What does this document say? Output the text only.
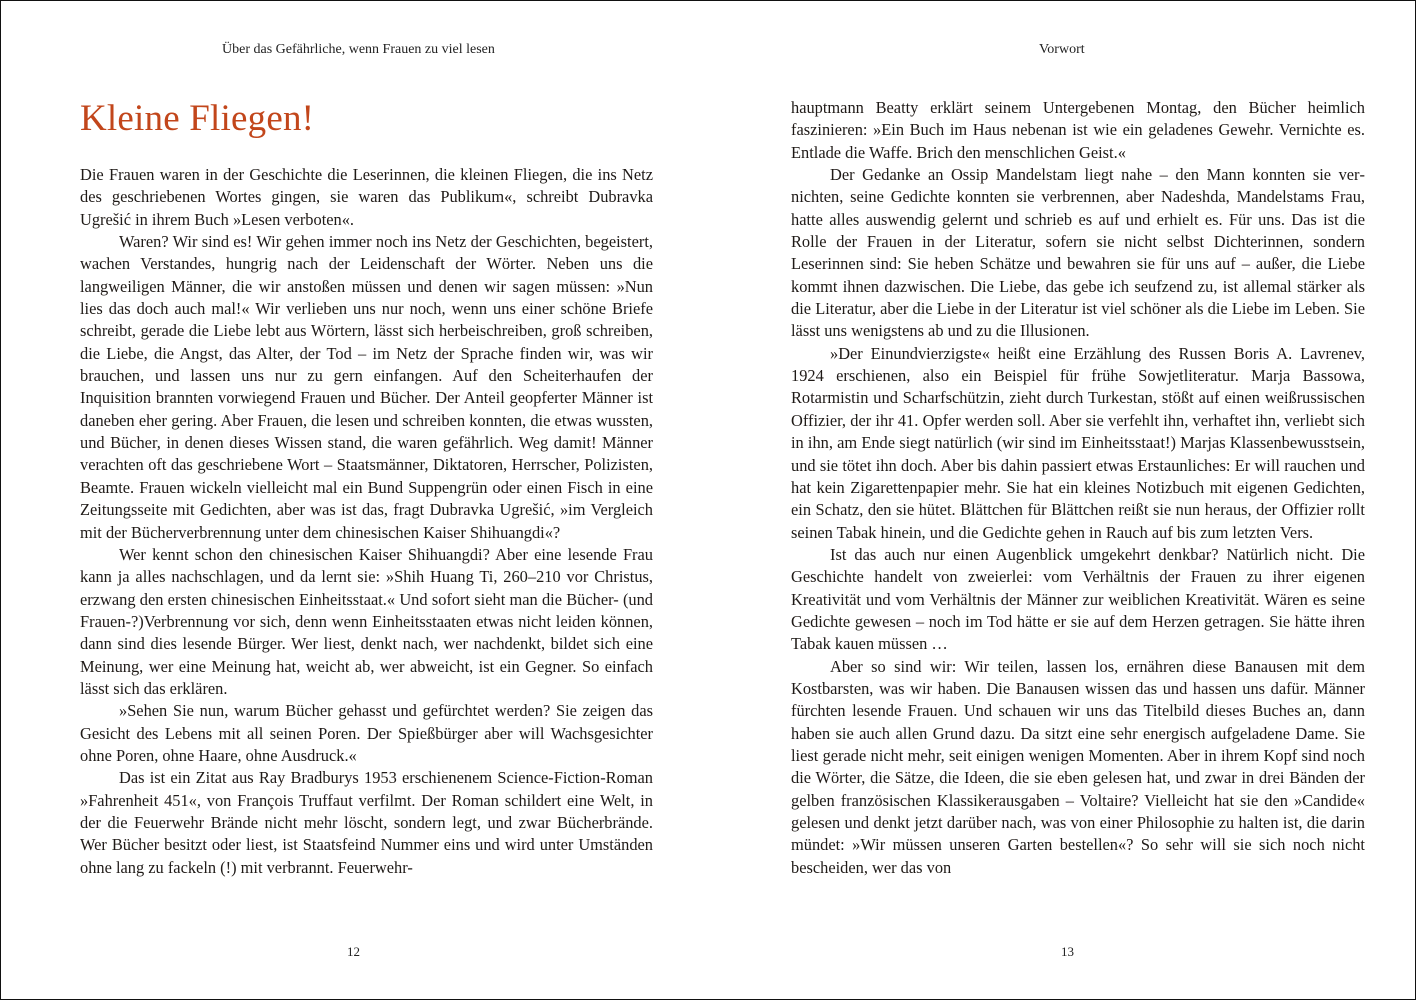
Über das Gefährliche, wenn Frauen zu viel lesen
Kleine Fliegen!

Die Frauen waren in der Geschichte die Leserinnen, die kleinen Fliegen, die ins Netz des geschriebenen Wortes gingen, sie waren das Publikum«, schreibt Dubravka Ugrešić in ihrem Buch »Lesen verboten«.

Waren? Wir sind es! Wir gehen immer noch ins Netz der Geschichten, begeistert, wachen Verstandes, hungrig nach der Leidenschaft der Wörter. Neben uns die langweiligen Männer, die wir anstoßen müssen und denen wir sagen müssen: »Nun lies das doch auch mal!« Wir verlieben uns nur noch, wenn uns einer schöne Briefe schreibt, gerade die Liebe lebt aus Wörtern, lässt sich herbeischreiben, groß schreiben, die Liebe, die Angst, das Alter, der Tod – im Netz der Sprache finden wir, was wir brauchen, und lassen uns nur zu gern einfangen. Auf den Scheiterhaufen der Inquisition brannten vorwiegend Frauen und Bücher. Der Anteil geopferter Männer ist daneben eher gering. Aber Frauen, die lesen und schreiben konnten, die etwas wussten, und Bücher, in denen dieses Wissen stand, die waren gefährlich. Weg damit! Männer verachten oft das geschriebene Wort – Staatsmänner, Diktatoren, Herrscher, Polizisten, Beamte. Frauen wickeln vielleicht mal ein Bund Suppengrün oder einen Fisch in eine Zeitungsseite mit Gedichten, aber was ist das, fragt Dubravka Ugrešić, »im Vergleich mit der Bücherverbrennung unter dem chinesischen Kaiser Shihuangdi«?

Wer kennt schon den chinesischen Kaiser Shihuangdi? Aber eine lesende Frau kann ja alles nachschlagen, und da lernt sie: »Shih Huang Ti, 260–210 vor Christus, erzwang den ersten chinesischen Einheitsstaat.« Und sofort sieht man die Bücher- (und Frauen-?)Verbrennung vor sich, denn wenn Einheitsstaaten etwas nicht leiden können, dann sind dies lesende Bürger. Wer liest, denkt nach, wer nachdenkt, bildet sich eine Meinung, wer eine Meinung hat, weicht ab, wer abweicht, ist ein Gegner. So einfach lässt sich das erklären.

»Sehen Sie nun, warum Bücher gehasst und gefürchtet werden? Sie zeigen das Gesicht des Lebens mit all seinen Poren. Der Spießbürger aber will Wachsgesichter ohne Poren, ohne Haare, ohne Ausdruck.«

Das ist ein Zitat aus Ray Bradburys 1953 erschienenem Science-Fiction-Roman »Fahrenheit 451«, von François Truffaut verfilmt. Der Roman schildert eine Welt, in der die Feuerwehr Brände nicht mehr löscht, sondern legt, und zwar Bücherbrände. Wer Bücher besitzt oder liest, ist Staatsfeind Nummer eins und wird unter Umständen ohne lang zu fackeln (!) mit verbrannt. Feuerwehr-

12
Vorwort

hauptmann Beatty erklärt seinem Untergebenen Montag, den Bücher heimlich faszinieren: »Ein Buch im Haus nebenan ist wie ein geladenes Gewehr. Vernichte es. Entlade die Waffe. Brich den menschlichen Geist.«

Der Gedanke an Ossip Mandelstam liegt nahe – den Mann konnten sie vernichten, seine Gedichte konnten sie verbrennen, aber Nadeshda, Mandelstams Frau, hatte alles auswendig gelernt und schrieb es auf und erhielt es. Für uns. Das ist die Rolle der Frauen in der Literatur, sofern sie nicht selbst Dichterinnen, sondern Leserinnen sind: Sie heben Schätze und bewahren sie für uns auf – außer, die Liebe kommt ihnen dazwischen. Die Liebe, das gebe ich seufzend zu, ist allemal stärker als die Literatur, aber die Liebe in der Literatur ist viel schöner als die Liebe im Leben. Sie lässt uns wenigstens ab und zu die Illusionen.

»Der Einundvierzigste« heißt eine Erzählung des Russen Boris A. Lavrenev, 1924 erschienen, also ein Beispiel für frühe Sowjetliteratur. Marja Bassowa, Rotarmistin und Scharfschützin, zieht durch Turkestan, stößt auf einen weißrussischen Offizier, der ihr 41. Opfer werden soll. Aber sie verfehlt ihn, verhaftet ihn, verliebt sich in ihn, am Ende siegt natürlich (wir sind im Einheitsstaat!) Marjas Klassenbewusstsein, und sie tötet ihn doch. Aber bis dahin passiert etwas Erstaunliches: Er will rauchen und hat kein Zigarettenpapier mehr. Sie hat ein kleines Notizbuch mit eigenen Gedichten, ein Schatz, den sie hütet. Blättchen für Blättchen reißt sie nun heraus, der Offizier rollt seinen Tabak hinein, und die Gedichte gehen in Rauch auf bis zum letzten Vers.

Ist das auch nur einen Augenblick umgekehrt denkbar? Natürlich nicht. Die Geschichte handelt von zweierlei: vom Verhältnis der Frauen zu ihrer eigenen Kreativität und vom Verhältnis der Männer zur weiblichen Kreativität. Wären es seine Gedichte gewesen – noch im Tod hätte er sie auf dem Herzen getragen. Sie hätte ihren Tabak kauen müssen …

Aber so sind wir: Wir teilen, lassen los, ernähren diese Banausen mit dem Kostbarsten, was wir haben. Die Banausen wissen das und hassen uns dafür. Männer fürchten lesende Frauen. Und schauen wir uns das Titelbild dieses Buches an, dann haben sie auch allen Grund dazu. Da sitzt eine sehr energisch aufgeladene Dame. Sie liest gerade nicht mehr, seit einigen wenigen Momenten. Aber in ihrem Kopf sind noch die Wörter, die Sätze, die Ideen, die sie eben gelesen hat, und zwar in drei Bänden der gelben französischen Klassikerausgaben – Voltaire? Vielleicht hat sie den »Candide« gelesen und denkt jetzt darüber nach, was von einer Philosophie zu halten ist, die darin mündet: »Wir müssen unseren Garten bestellen«? So sehr will sie sich noch nicht bescheiden, wer das von

13
